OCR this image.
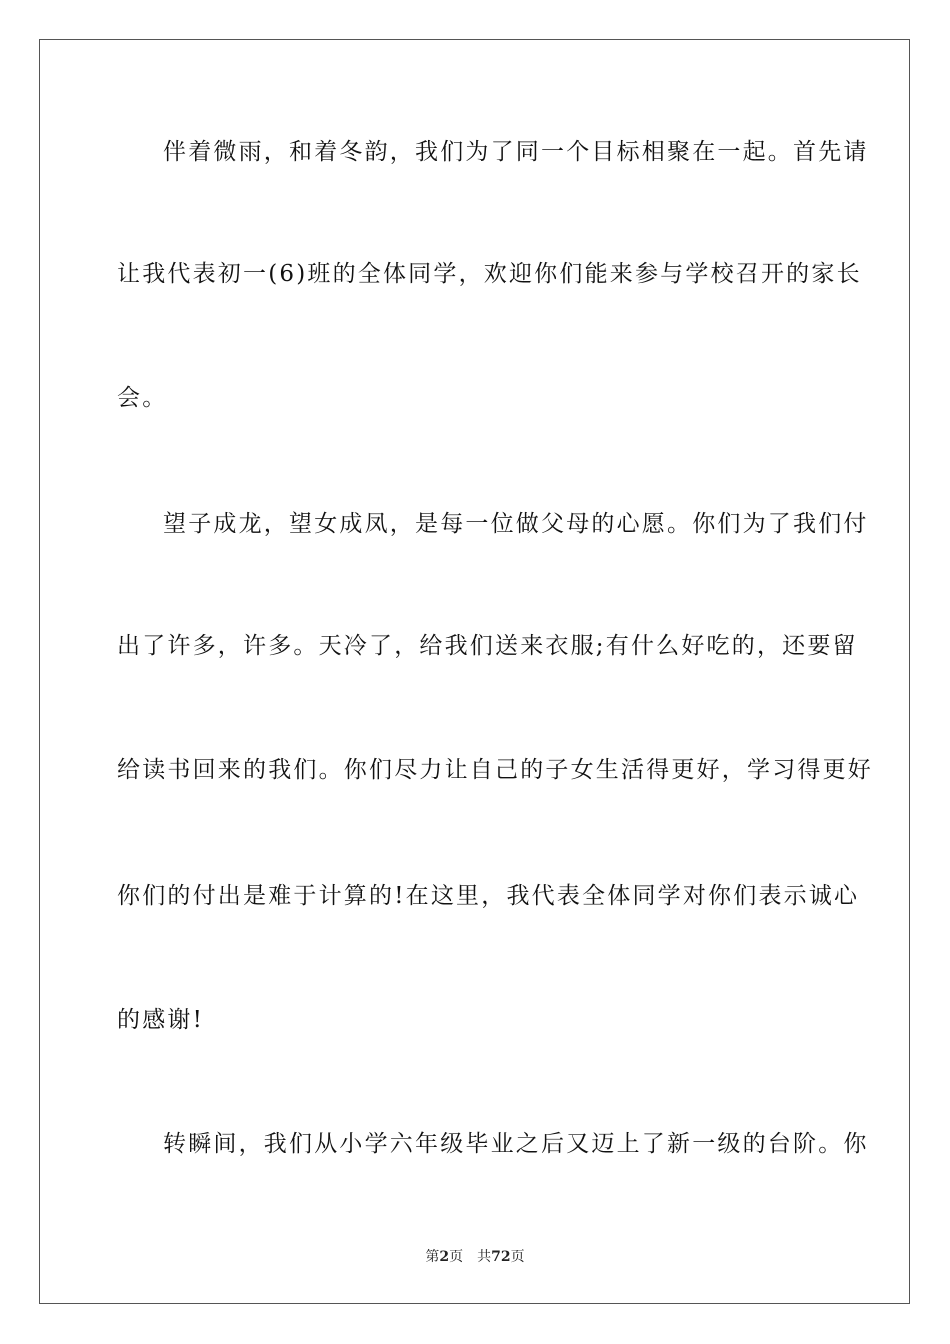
伴着微雨，和着冬韵，我们为了同一个目标相聚在一起。首先请
让我代表初一(6)班的全体同学，欢迎你们能来参与学校召开的家长
会。
望子成龙，望女成凤，是每一位做父母的心愿。你们为了我们付
出了许多，许多。天冷了，给我们送来衣服;有什么好吃的，还要留
给读书回来的我们。你们尽力让自己的子女生活得更好，学习得更好
你们的付出是难于计算的!在这里，我代表全体同学对你们表示诚心
的感谢!
转瞬间，我们从小学六年级毕业之后又迈上了新一级的台阶。你
第2页 共72页
